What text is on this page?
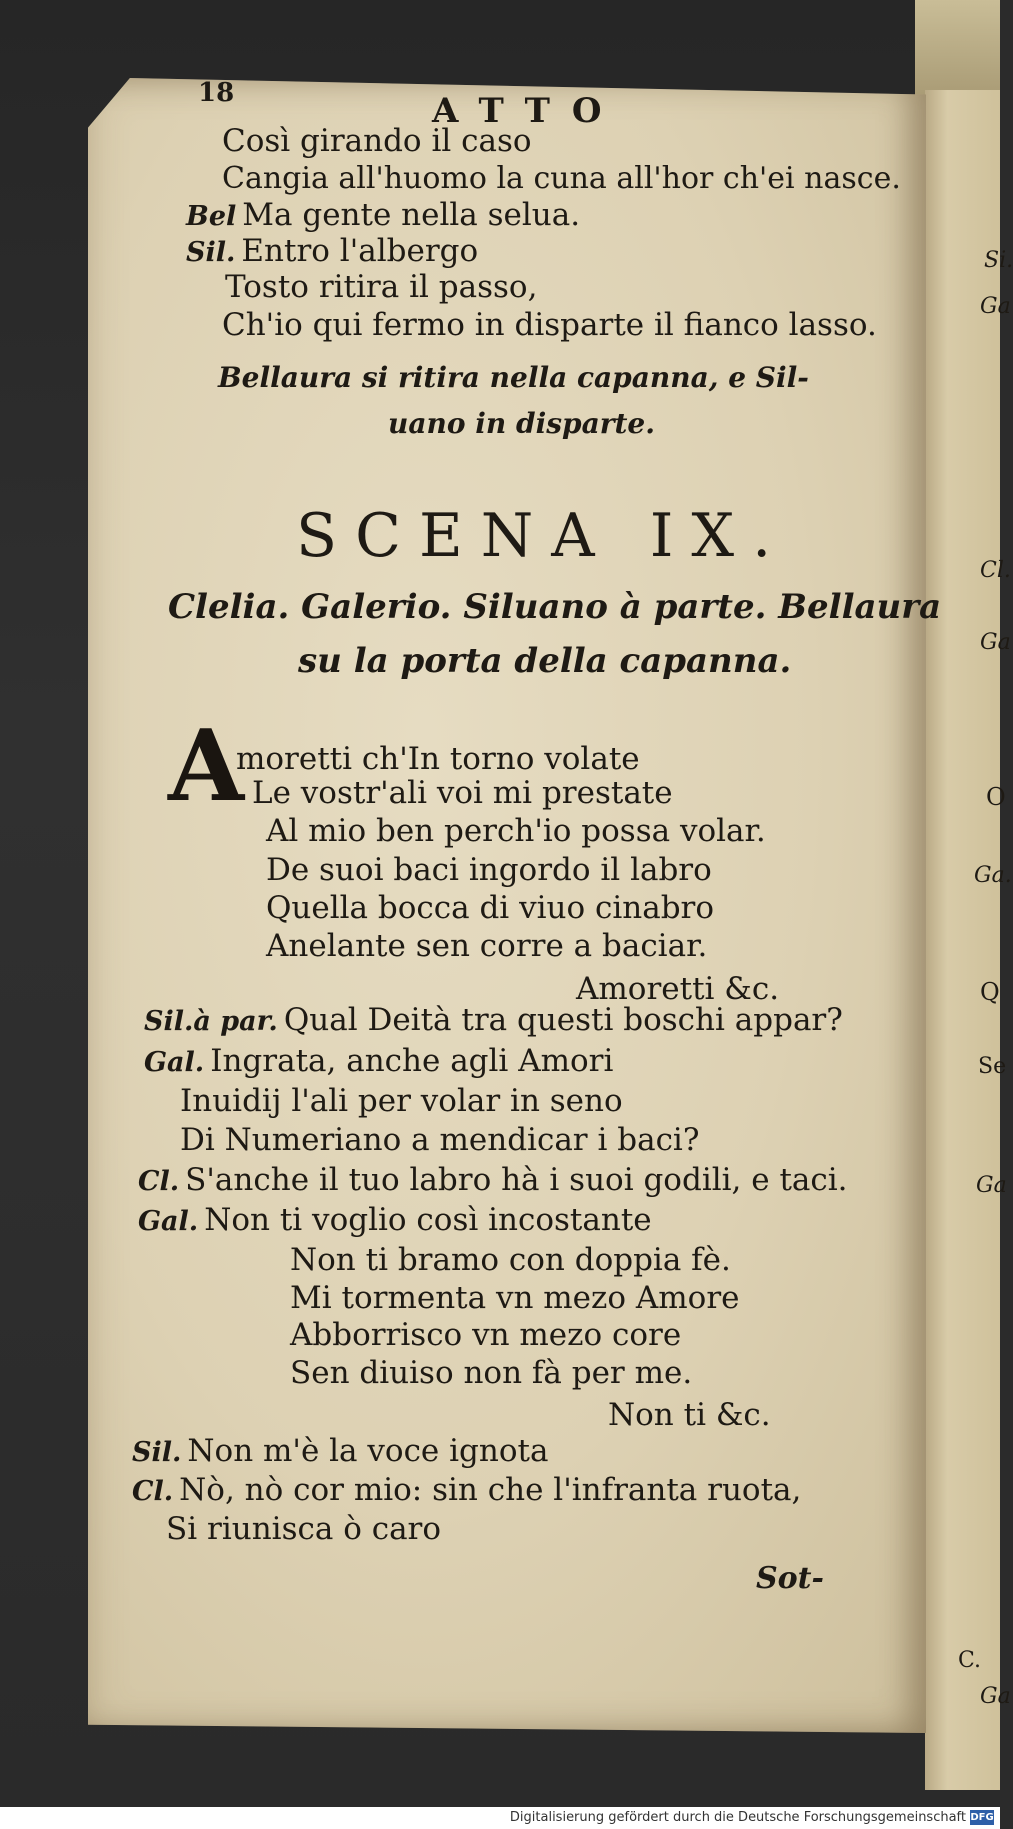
Si.
Ga
Cl.
Ga
O
Ga.
Q
Se
Ga
C.
Ga
18	ATTO
Così girando il caso
Cangia all'huomo la cuna all'hor ch'ei nasce.
Bel Ma gente nella selua.
Sil. Entro l'albergo
Tosto ritira il passo,
Ch'io qui fermo in disparte il fianco lasso.
Bellaura si ritira nella capanna, e Sil-
uano in disparte.
SCENA IX.
Clelia. Galerio. Siluano à parte. Bellaura
su la porta della capanna.
A
moretti ch'In torno volate
Le vostr'ali voi mi prestate
Al mio ben perch'io possa volar.
De suoi baci ingordo il labro
Quella bocca di viuo cinabro
Anelante sen corre a baciar.
Amoretti &c.
Sil.à par. Qual Deità tra questi boschi appar?
Gal. Ingrata, anche agli Amori
Inuidij l'ali per volar in seno
Di Numeriano a mendicar i baci?
Cl. S'anche il tuo labro hà i suoi godili, e taci.
Gal. Non ti voglio così incostante
Non ti bramo con doppia fè.
Mi tormenta vn mezo Amore
Abborrisco vn mezo core
Sen diuiso non fà per me.
Non ti &c.
Sil. Non m'è la voce ignota
Cl. Nò, nò cor mio: sin che l'infranta ruota,
Si riunisca ò caro
Sot-
Digitalisierung gefördert durch die Deutsche Forschungsgemeinschaft DFG
